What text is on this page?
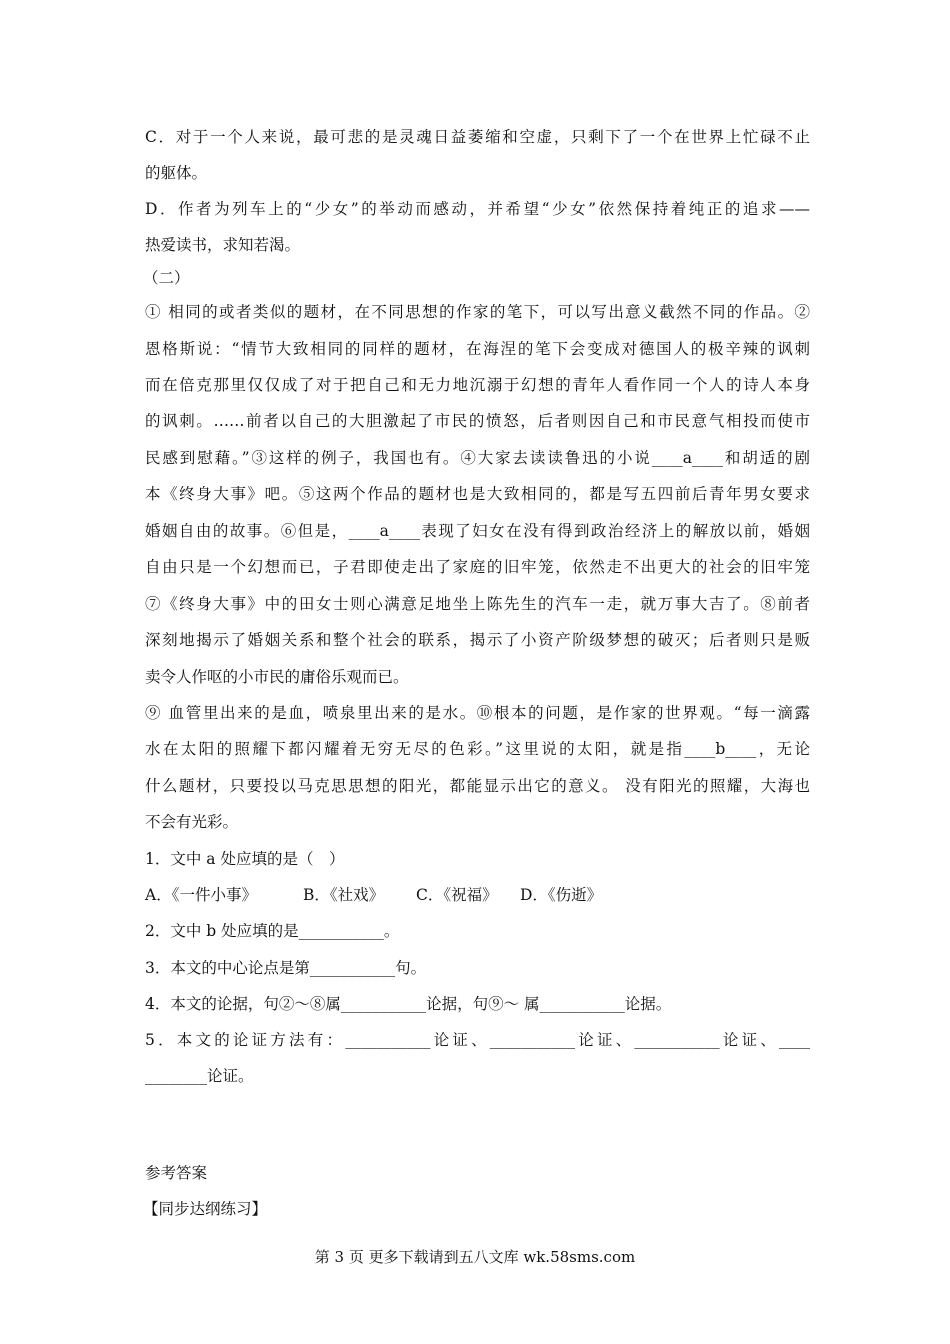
C．对于一个人来说，最可悲的是灵魂日益萎缩和空虚，只剩下了一个在世界上忙碌不止
的躯体。
D．作者为列车上的“少女”的举动而感动，并希望“少女”依然保持着纯正的追求——
热爱读书，求知若渴。
（二）
① 相同的或者类似的题材，在不同思想的作家的笔下，可以写出意义截然不同的作品。②
恩格斯说：“情节大致相同的同样的题材，在海涅的笔下会变成对德国人的极辛辣的讽刺
而在倍克那里仅仅成了对于把自己和无力地沉溺于幻想的青年人看作同一个人的诗人本身
的讽刺。……前者以自己的大胆激起了市民的愤怒，后者则因自己和市民意气相投而使市
民感到慰藉。”③这样的例子，我国也有。④大家去读读鲁迅的小说____a____和胡适的剧
本《终身大事》吧。⑤这两个作品的题材也是大致相同的，都是写五四前后青年男女要求
婚姻自由的故事。⑥但是，____a____表现了妇女在没有得到政治经济上的解放以前，婚姻
自由只是一个幻想而已，子君即使走出了家庭的旧牢笼，依然走不出更大的社会的旧牢笼
⑦《终身大事》中的田女士则心满意足地坐上陈先生的汽车一走，就万事大吉了。⑧前者
深刻地揭示了婚姻关系和整个社会的联系，揭示了小资产阶级梦想的破灭；后者则只是贩
卖令人作呕的小市民的庸俗乐观而已。
⑨ 血管里出来的是血，喷泉里出来的是水。⑩根本的问题，是作家的世界观。“每一滴露
水在太阳的照耀下都闪耀着无穷无尽的色彩。”这里说的太阳，就是指____b____，无论
什么题材，只要投以马克思思想的阳光，都能显示出它的意义。 没有阳光的照耀，大海也
不会有光彩。
1．文中 a 处应填的是（　）
A．《一件小事》	B．《社戏》 C．《祝福》 D．《伤逝》
2．文中 b 处应填的是___________。
3．本文的中心论点是第___________句。
4．本文的论据，句②～⑧属___________论据，句⑨～ 属___________论据。
5．本文的论证方法有：___________论证、___________论证、___________论证、____
________论证。
参考答案
【同步达纲练习】
第 3 页 更多下载请到五八文库 wk.58sms.com
